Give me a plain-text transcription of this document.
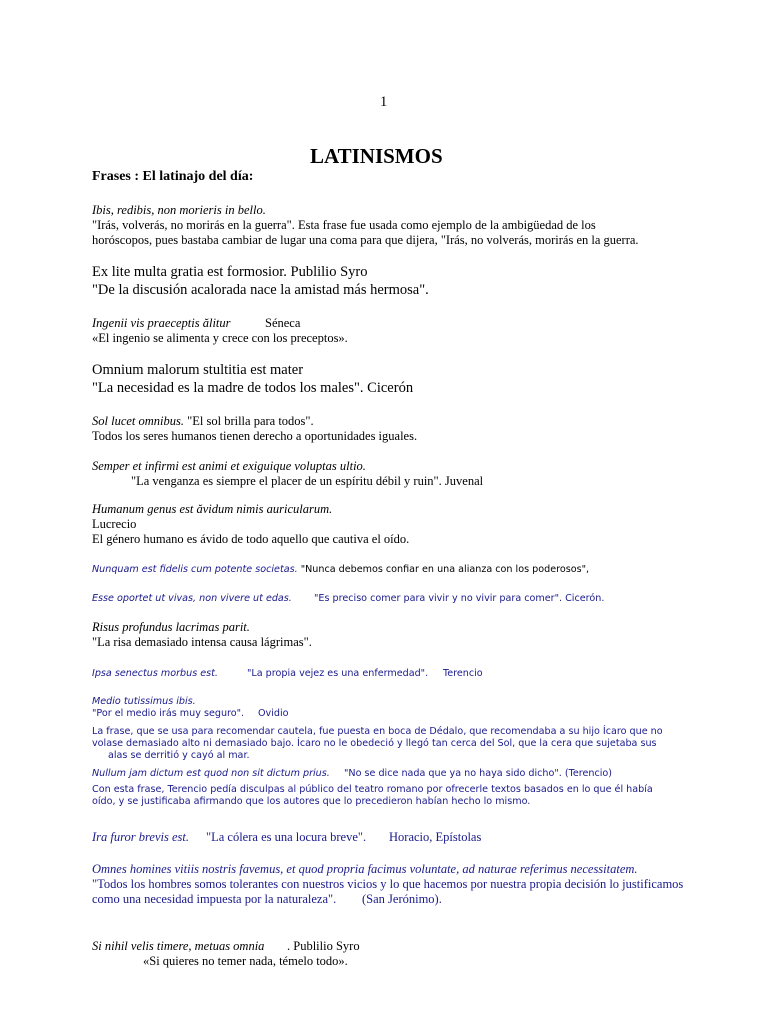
1
LATINISMOS
Frases : El latinajo del día:
Ibis, redibis, non morieris in bello.
"Irás, volverás, no morirás en la guerra". Esta frase fue usada como ejemplo de la ambigüedad de los
horóscopos, pues bastaba cambiar de lugar una coma para que dijera, "Irás, no volverás, morirás en la guerra.
Ex lite multa gratia est formosior. Publilio Syro
"De la discusión acalorada nace la amistad más hermosa".
Ingenii vis praeceptis ălitur	Séneca
«El ingenio se alimenta y crece con los preceptos».
Omnium malorum stultitia est mater
"La necesidad es la madre de todos los males". Cicerón
Sol lucet omnibus. "El sol brilla para todos".
Todos los seres humanos tienen derecho a oportunidades iguales.
Semper et infirmi est animi et exiguique voluptas ultio.
"La venganza es siempre el placer de un espíritu débil y ruin". Juvenal
Humanum genus est ăvidum nimis auricularum.
Lucrecio
El género humano es ávido de todo aquello que cautiva el oído.
Nunquam est fidelis cum potente societas. "Nunca debemos confiar en una alianza con los poderosos",
Esse oportet ut vivas, non vivere ut edas. "Es preciso comer para vivir y no vivir para comer". Cicerón.
Risus profundus lacrimas parit.
"La risa demasiado intensa causa lágrimas".
Ipsa senectus morbus est.	"La propia vejez es una enfermedad". Terencio
Medio tutissimus ibis.
"Por el medio irás muy seguro". Ovidio
La frase, que se usa para recomendar cautela, fue puesta en boca de Dédalo, que recomendaba a su hijo Ícaro que no
volase demasiado alto ni demasiado bajo. Ícaro no le obedeció y llegó tan cerca del Sol, que la cera que sujetaba sus
alas se derritió y cayó al mar.
Nullum jam dictum est quod non sit dictum prius. "No se dice nada que ya no haya sido dicho". (Terencio)
Con esta frase, Terencio pedía disculpas al público del teatro romano por ofrecerle textos basados en lo que él había
oído, y se justificaba afirmando que los autores que lo precedieron habían hecho lo mismo.
Ira furor brevis est. "La cólera es una locura breve". Horacio, Epístolas
Omnes homines vitiis nostris favemus, et quod propria facimus voluntate, ad naturae referimus necessitatem.
"Todos los hombres somos tolerantes con nuestros vicios y lo que hacemos por nuestra propia decisión lo justificamos
como una necesidad impuesta por la naturaleza". (San Jerónimo).
Si nihil velis timere, metuas omnia . Publilio Syro
«Si quieres no temer nada, témelo todo».
